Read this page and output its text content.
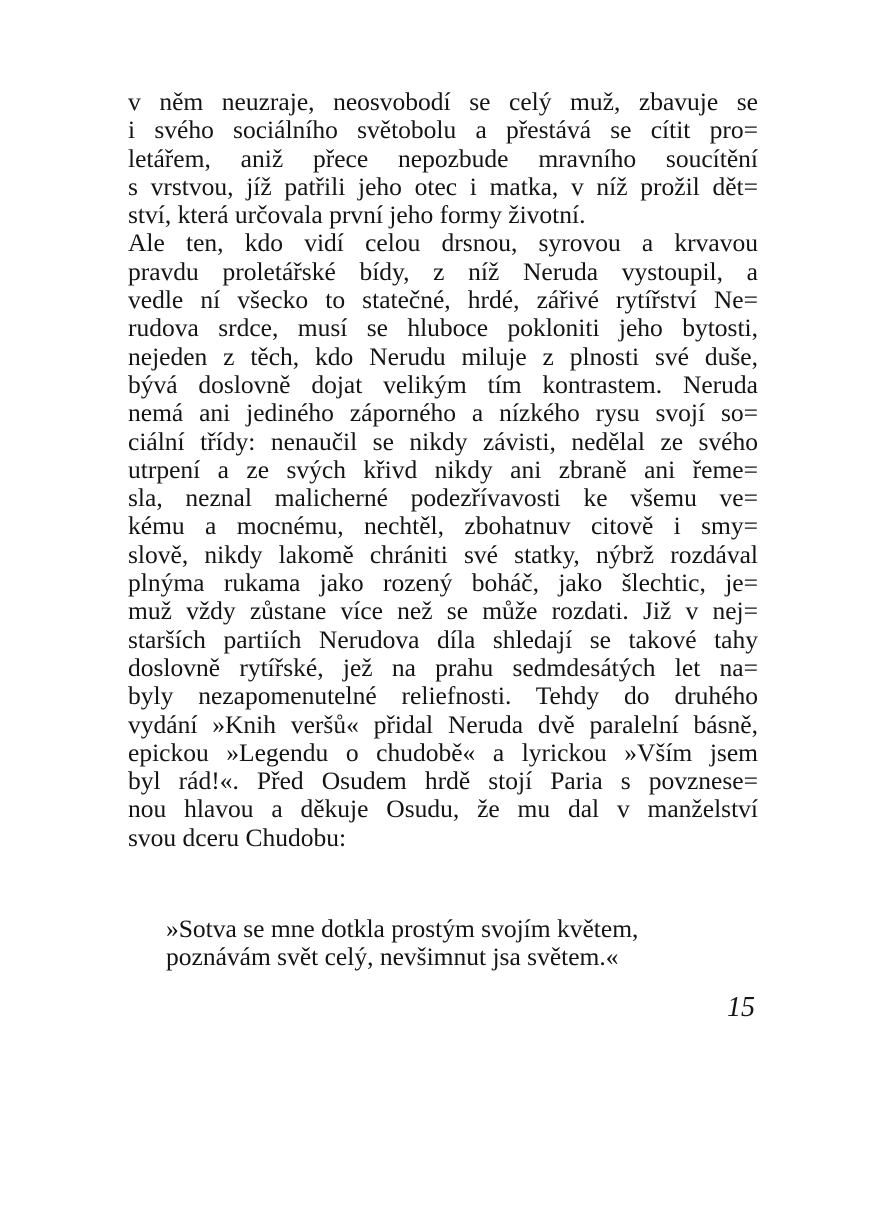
v něm neuzraje, neosvobodí se celý muž, zbavuje se
i svého sociálního světobolu a přestává se cítit pro=
letářem, aniž přece nepozbude mravního soucítění
s vrstvou, jíž patřili jeho otec i matka, v níž prožil dět=
ství, která určovala první jeho formy životní.
Ale ten, kdo vidí celou drsnou, syrovou a krvavou
pravdu proletářské bídy, z níž Neruda vystoupil, a
vedle ní všecko to statečné, hrdé, zářivé rytířství Ne=
rudova srdce, musí se hluboce pokloniti jeho bytosti,
nejeden z těch, kdo Nerudu miluje z plnosti své duše,
bývá doslovně dojat velikým tím kontrastem. Neruda
nemá ani jediného záporného a nízkého rysu svojí so=
ciální třídy: nenaučil se nikdy závisti, nedělal ze svého
utrpení a ze svých křivd nikdy ani zbraně ani řeme=
sla, neznal malicherné podezřívavosti ke všemu ve=
kému a mocnému, nechtěl, zbohatnuv citově i smy=
slově, nikdy lakomě chrániti své statky, nýbrž rozdával
plnýma rukama jako rozený boháč, jako šlechtic, je=
muž vždy zůstane více než se může rozdati. Již v nej=
starších partiích Nerudova díla shledají se takové tahy
doslovně rytířské, jež na prahu sedmdesátých let na=
byly nezapomenutelné reliefnosti. Tehdy do druhého
vydání »Knih veršů« přidal Neruda dvě paralelní básně,
epickou »Legendu o chudobě« a lyrickou »Vším jsem
byl rád!«. Před Osudem hrdě stojí Paria s povznese=
nou hlavou a děkuje Osudu, že mu dal v manželství
svou dceru Chudobu:
»Sotva se mne dotkla prostým svojím květem,
poznávám svět celý, nevšimnut jsa světem.«
15
